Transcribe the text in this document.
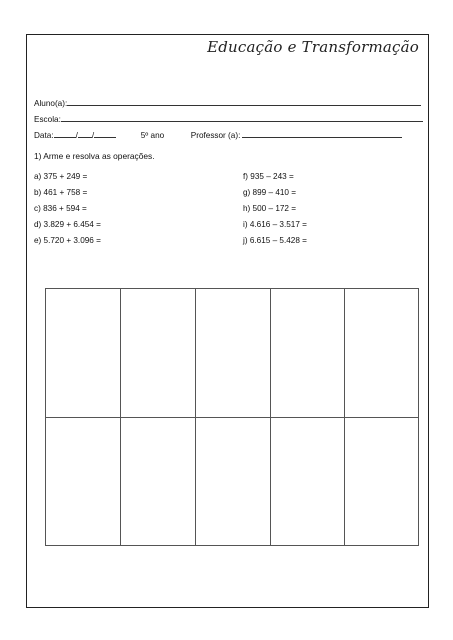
Educação e Transformação
Aluno(a):
Escola:
Data:	/ /	5º ano	Professor (a):
1) Arme e resolva as operações.
a) 375 + 249 =
b) 461 + 758 =
c) 836 + 594 =
d) 3.829 + 6.454 =
e) 5.720 + 3.096 =
f) 935 – 243 =
g) 899 – 410 =
h) 500 – 172 =
i) 4.616 – 3.517 =
j) 6.615 – 5.428 =
